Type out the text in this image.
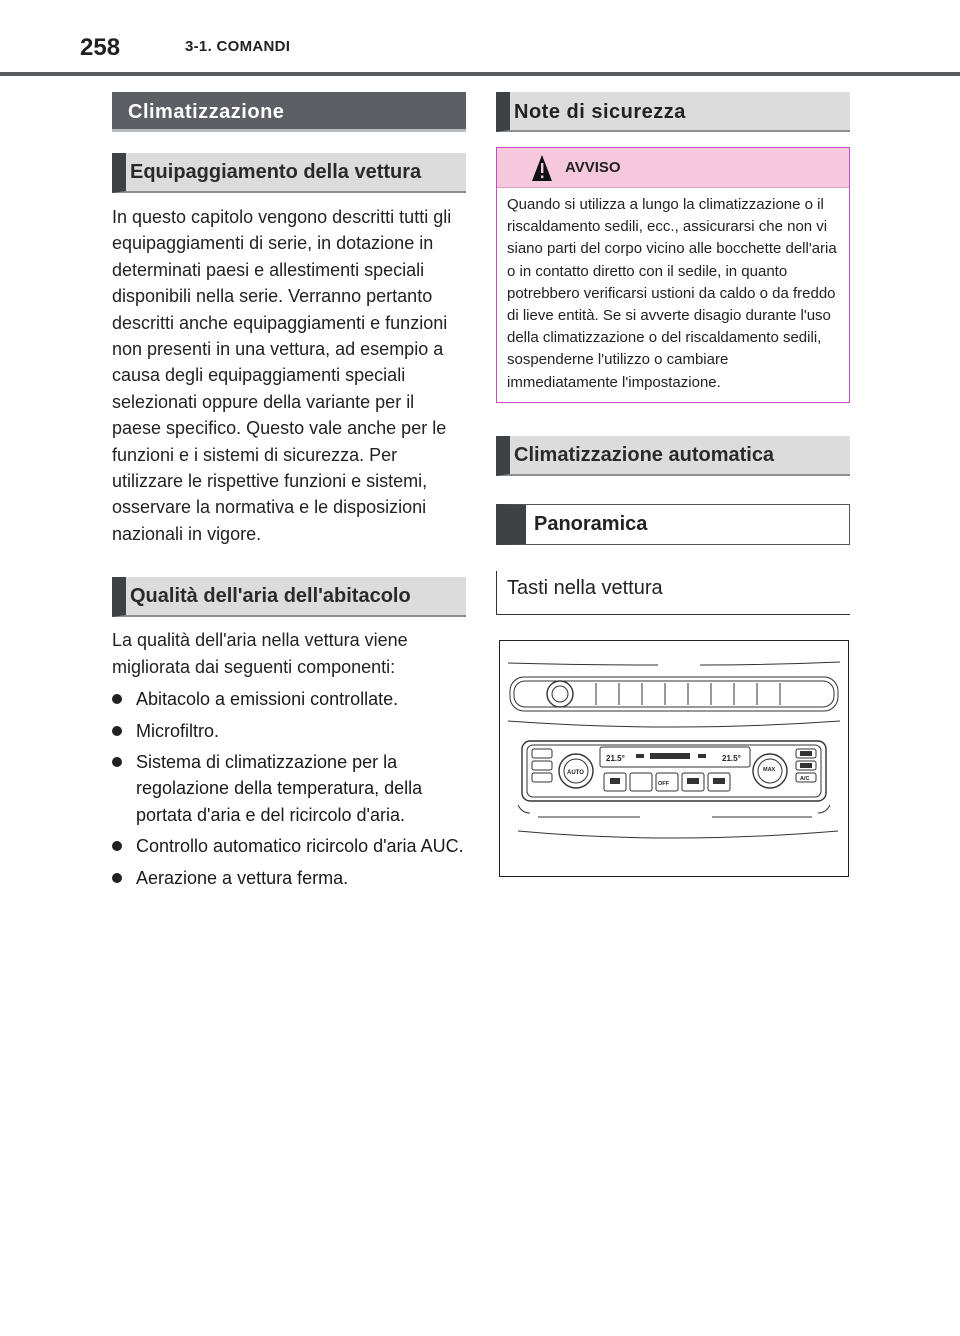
258	3-1. COMANDI
Climatizzazione
Equipaggiamento della vettura

In questo capitolo vengono descritti tutti gli equipaggiamenti di serie, in dotazione in determinati paesi e allestimenti speciali disponibili nella serie. Verranno pertanto descritti anche equipaggiamenti e funzioni non presenti in una vettura, ad esempio a causa degli equipaggiamenti speciali selezionati oppure della variante per il paese specifico. Questo vale anche per le funzioni e i sistemi di sicurezza. Per utilizzare le rispettive funzioni e sistemi, osservare la normativa e le disposizioni nazionali in vigore.

Qualità dell'aria dell'abitacolo

La qualità dell'aria nella vettura viene migliorata dai seguenti componenti:

Abitacolo a emissioni controllate.
Microfiltro.
Sistema di climatizzazione per la regolazione della temperatura, della portata d'aria e del ricircolo d'aria.
Controllo automatico ricircolo d'aria AUC.
Aerazione a vettura ferma.
Note di sicurezza
AVVISO
Quando si utilizza a lungo la climatizzazione o il riscaldamento sedili, ecc., assicurarsi che non vi siano parti del corpo vicino alle bocchette dell'aria o in contatto diretto con il sedile, in quanto potrebbero verificarsi ustioni da caldo o da freddo di lieve entità. Se si avverte disagio durante l'uso della climatizzazione o del riscaldamento sedili, sospenderne l'utilizzo o cambiare immediatamente l'impostazione.
Climatizzazione automatica
Panoramica
Tasti nella vettura
21.5°	21.5°
AUTO	MAX
A/C
OFF
